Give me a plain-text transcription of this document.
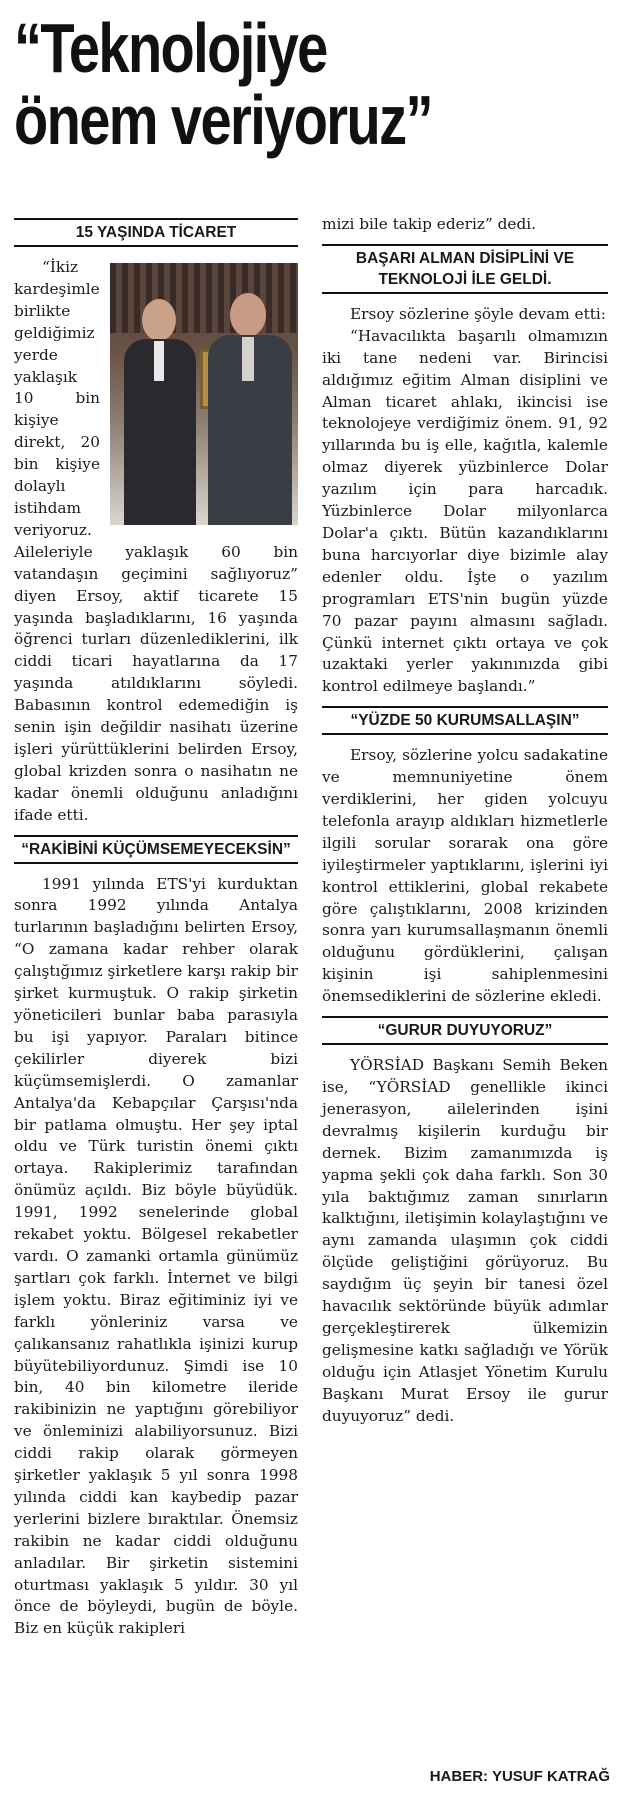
“Teknolojiye
önem veriyoruz”
15 YAŞINDA TİCARET

“İkiz kardeşimle birlikte geldiğimiz yerde yaklaşık 10 bin kişiye direkt, 20 bin kişiye dolaylı istihdam veriyoruz. Aileleriyle yaklaşık 60 bin vatandaşın geçimini sağlıyoruz” diyen Ersoy, aktif ticarete 15 yaşında başladıklarını, 16 yaşında öğrenci turları düzenlediklerini, ilk ciddi ticari hayatlarına da 17 yaşında atıldıklarını söyledi. Babasının kontrol edemediğin iş senin işin değildir nasihatı üzerine işleri yürüttüklerini belirden Ersoy, global krizden sonra o nasihatın ne kadar önemli olduğunu anladığını ifade etti.

“RAKİBİNİ KÜÇÜMSEMEYECEKSİN”

1991 yılında ETS'yi kurduktan sonra 1992 yılında Antalya turlarının başladığını belirten Ersoy, “O zamana kadar rehber olarak çalıştığımız şirketlere karşı rakip bir şirket kurmuştuk. O rakip şirketin yöneticileri bunlar baba parasıyla bu işi yapıyor. Paraları bitince çekilirler diyerek bizi küçümsemişlerdi. O zamanlar Antalya'da Kebapçılar Çarşısı'nda bir patlama olmuştu. Her şey iptal oldu ve Türk turistin önemi çıktı ortaya. Rakiplerimiz tarafından önümüz açıldı. Biz böyle büyüdük. 1991, 1992 senelerinde global rekabet yoktu. Bölgesel rekabetler vardı. O zamanki ortamla günümüz şartları çok farklı. İnternet ve bilgi işlem yoktu. Biraz eğitiminiz iyi ve farklı yönleriniz varsa ve çalıkansanız rahatlıkla işinizi kurup büyütebiliyordunuz. Şimdi ise 10 bin, 40 bin kilometre ileride rakibinizin ne yaptığını görebiliyor ve önleminizi alabiliyorsunuz. Bizi ciddi rakip olarak görmeyen şirketler yaklaşık 5 yıl sonra 1998 yılında ciddi kan kaybedip pazar yerlerini bizlere bıraktılar. Önemsiz rakibin ne kadar ciddi olduğunu anladılar. Bir şirketin sistemini oturtması yaklaşık 5 yıldır. 30 yıl önce de böyleydi, bugün de böyle. Biz en küçük rakipleri

mizi bile takip ederiz” dedi.

BAŞARI ALMAN DİSİPLİNİ VE TEKNOLOJİ İLE GELDİ.

Ersoy sözlerine şöyle devam etti:

“Havacılıkta başarılı olmamızın iki tane nedeni var. Birincisi aldığımız eğitim Alman disiplini ve Alman ticaret ahlakı, ikincisi ise teknolojeye verdiğimiz önem. 91, 92 yıllarında bu iş elle, kağıtla, kalemle olmaz diyerek yüzbinlerce Dolar yazılım için para harcadık. Yüzbinlerce Dolar milyonlarca Dolar'a çıktı. Bütün kazandıklarını buna harcıyorlar diye bizimle alay edenler oldu. İşte o yazılım programları ETS'nin bugün yüzde 70 pazar payını almasını sağladı. Çünkü internet çıktı ortaya ve çok uzaktaki yerler yakınınızda gibi kontrol edilmeye başlandı.”

“YÜZDE 50 KURUMSALLAŞIN”

Ersoy, sözlerine yolcu sadakatine ve memnuniyetine önem verdiklerini, her giden yolcuyu telefonla arayıp aldıkları hizmetlerle ilgili sorular sorarak ona göre iyileştirmeler yaptıklarını, işlerini iyi kontrol ettiklerini, global rekabete göre çalıştıklarını, 2008 krizinden sonra yarı kurumsallaşmanın önemli olduğunu gördüklerini, çalışan kişinin işi sahiplenmesini önemsediklerini de sözlerine ekledi.

“GURUR DUYUYORUZ”

YÖRSİAD Başkanı Semih Beken ise, “YÖRSİAD genellikle ikinci jenerasyon, ailelerinden işini devralmış kişilerin kurduğu bir dernek. Bizim zamanımızda iş yapma şekli çok daha farklı. Son 30 yıla baktığımız zaman sınırların kalktığını, iletişimin kolaylaştığını ve aynı zamanda ulaşımın çok ciddi ölçüde geliştiğini görüyoruz. Bu saydığım üç şeyin bir tanesi özel havacılık sektöründe büyük adımlar gerçekleştirerek ülkemizin gelişmesine katkı sağladığı ve Yörük olduğu için Atlasjet Yönetim Kurulu Başkanı Murat Ersoy ile gurur duyuyoruz” dedi.

HABER: YUSUF KATRAĞ
